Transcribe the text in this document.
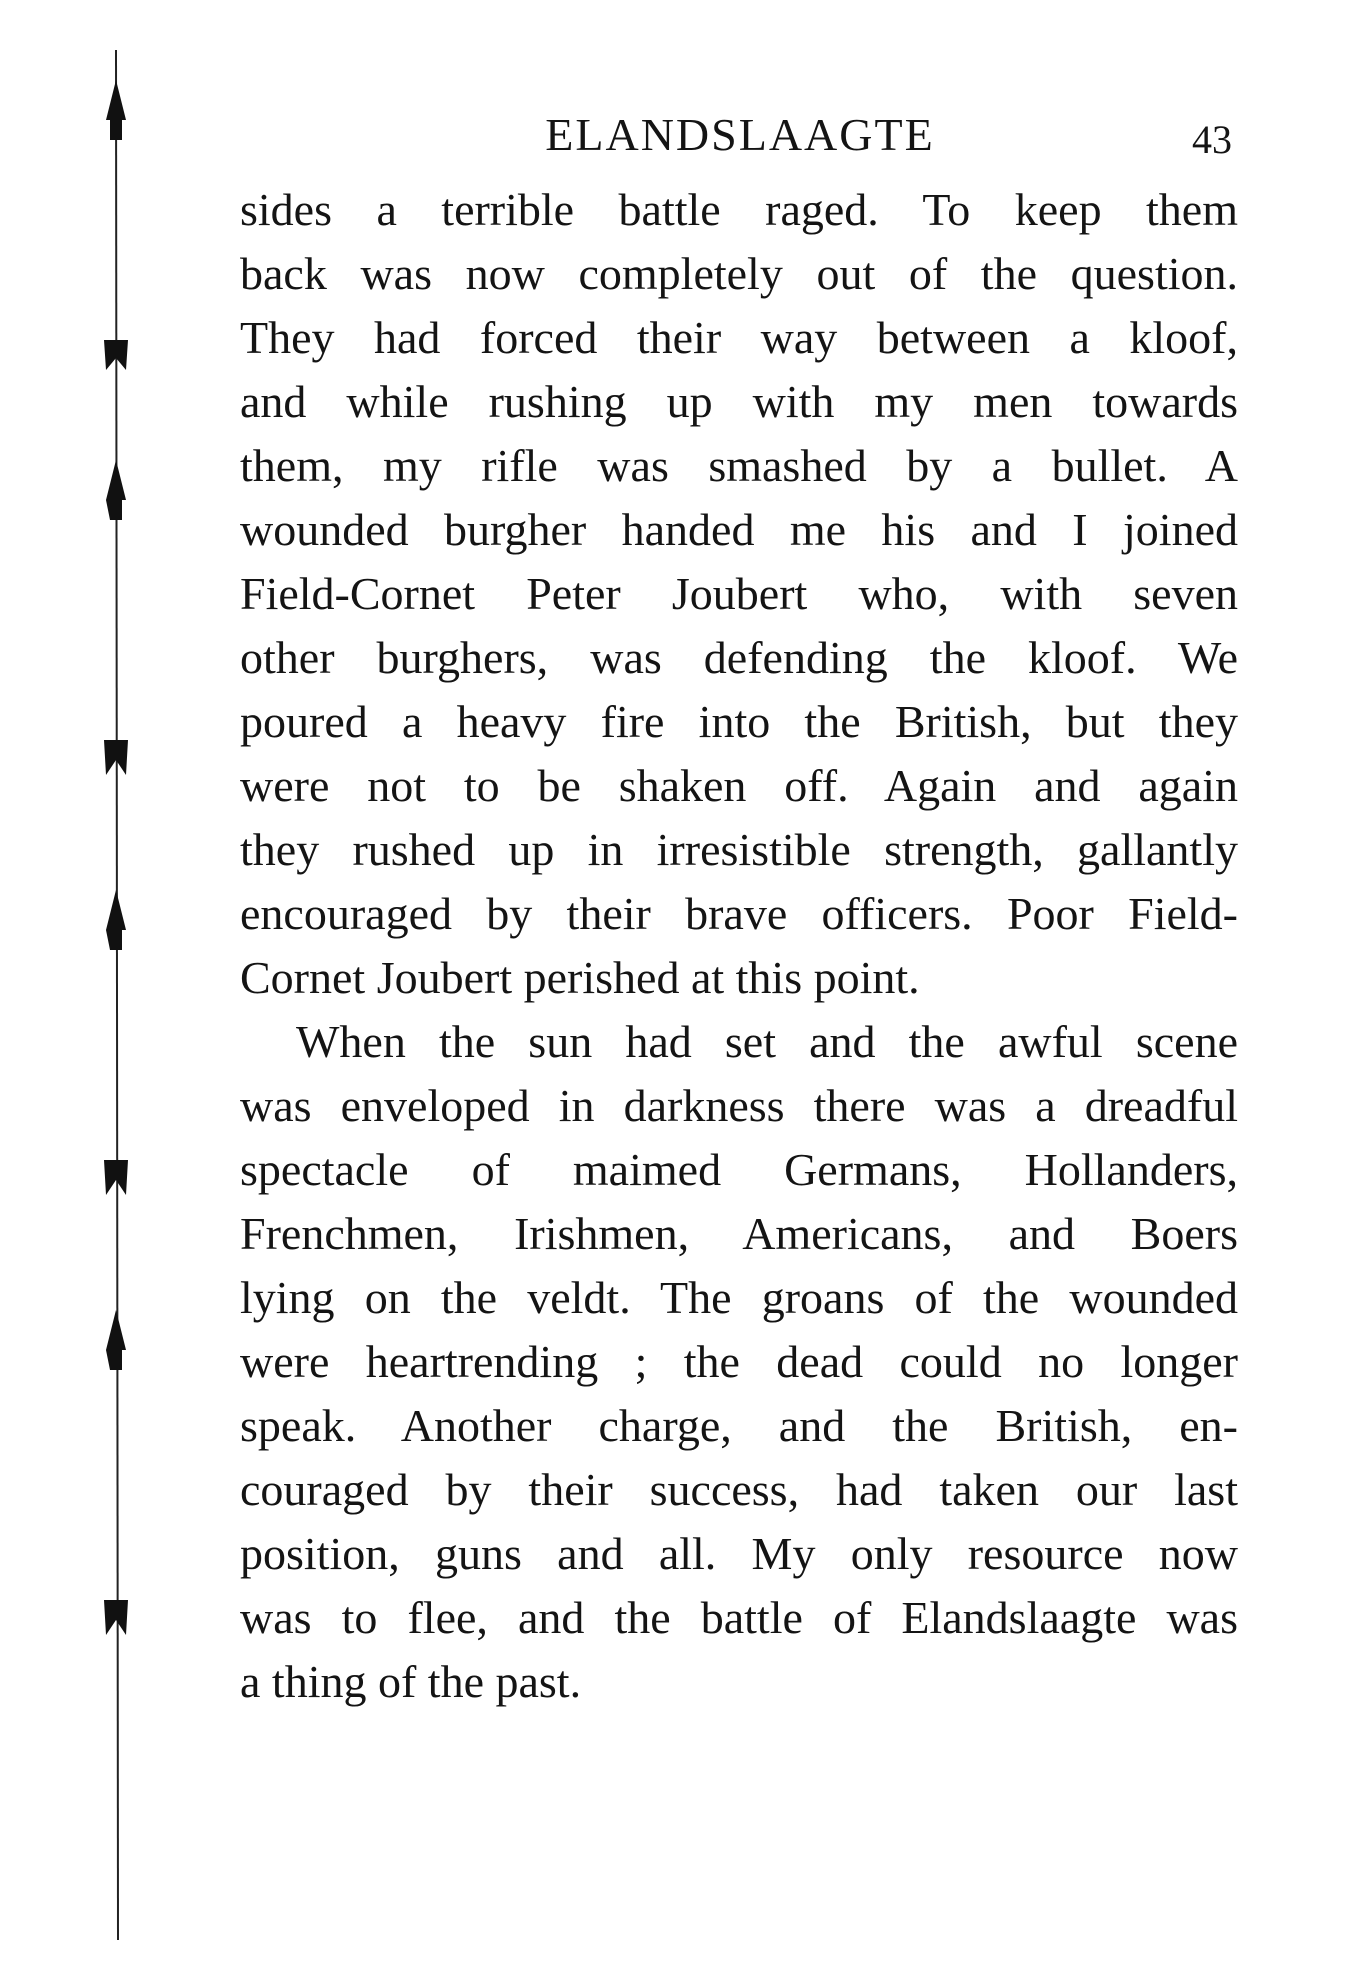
ELANDSLAAGTE	43
sides a terrible battle raged. To keep them
back was now completely out of the question.
They had forced their way between a kloof,
and while rushing up with my men towards
them, my rifle was smashed by a bullet. A
wounded burgher handed me his and I joined
Field-Cornet Peter Joubert who, with seven
other burghers, was defending the kloof. We
poured a heavy fire into the British, but they
were not to be shaken off. Again and again
they rushed up in irresistible strength, gallantly
encouraged by their brave officers. Poor Field-
Cornet Joubert perished at this point.
When the sun had set and the awful scene
was enveloped in darkness there was a dreadful
spectacle of maimed Germans, Hollanders,
Frenchmen, Irishmen, Americans, and Boers
lying on the veldt. The groans of the wounded
were heartrending ; the dead could no longer
speak. Another charge, and the British, en-
couraged by their success, had taken our last
position, guns and all. My only resource now
was to flee, and the battle of Elandslaagte was
a thing of the past.
